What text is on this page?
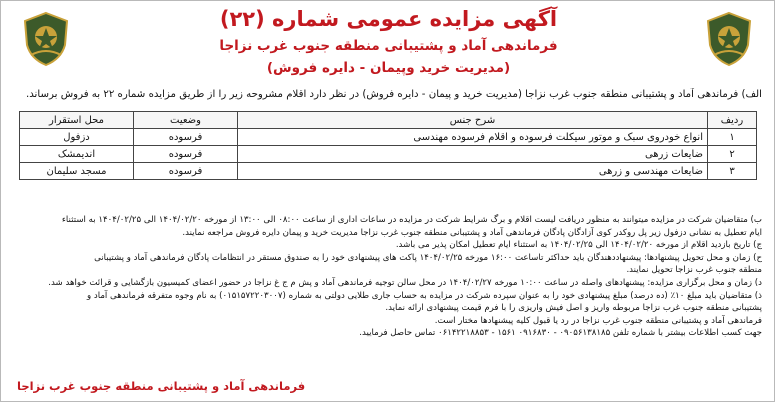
آگهی مزایده عمومی شماره (۲۲)
فرماندهی آماد و پشتیبانی منطقه جنوب غرب نزاجا
(مدیریت خرید وپیمان - دایره فروش)
الف) فرماندهی آماد و پشتیبانی منطقه جنوب غرب نزاجا (مدیریت خرید و پیمان - دایره فروش) در نظر دارد اقلام مشروحه زیر را از طریق مزایده شماره ۲۲ به فروش برساند.
ردیف	شرح جنس	وضعیت	محل استقرار
۱	انواع خودروی سبک و موتور سیکلت فرسوده و اقلام فرسوده مهندسی	فرسوده	دزفول
۲	ضایعات زرهی	فرسوده	اندیمشک
۳	ضایعات مهندسی و زرهی	فرسوده	مسجد سلیمان
ب) متقاضیان شرکت در مزایده میتوانند به منظور دریافت لیست اقلام و برگ شرایط شرکت در مزایده در ساعات اداری از ساعت ۰۸:۰۰ الی ۱۳:۰۰ از مورخه ۱۴۰۴/۰۲/۲۰ الی ۱۴۰۴/۰۲/۲۵ به استثناء
ایام تعطیل به نشانی دزفول زیر پل روکدر کوی آزادگان پادگان فرماندهی آماد و پشتیبانی منطقه جنوب غرب نزاجا مدیریت خرید و پیمان دایره فروش مراجعه نمایند.
ج) تاریخ بازدید اقلام از مورخه ۱۴۰۴/۰۲/۲۰ الی ۱۴۰۴/۰۲/۲۵ به استثناء ایام تعطیل امکان پذیر می باشد.
ح) زمان و محل تحویل پیشنهادها: پیشنهاددهندگان باید حداکثر تاساعت ۱۶:۰۰ مورخه ۱۴۰۴/۰۲/۲۵ پاکت های پیشنهادی خود را به صندوق مستقر در انتظامات پادگان فرماندهی آماد و پشتیبانی
منطقه جنوب غرب نزاجا تحویل نمایند.
د) زمان و محل برگزاری مزایده: پیشنهادهای واصله در ساعت ۱۰:۰۰ مورخه ۱۴۰۴/۰۲/۲۷ در محل سالن توجیه فرماندهی آماد و پش م ج غ نزاجا در حضور اعضای کمیسیون بازگشایی و قرائت خواهد شد.
ذ) متقاضیان باید مبلغ ۱۰٪ (ده درصد) مبلغ پیشنهادی خود را به عنوان سپرده شرکت در مزایده به حساب جاری طلایی دولتی به شماره (۰۱۵۱۵۷۲۲۰۳۰۰۷) به نام وجوه متفرقه فرماندهی آماد و
پشتیبانی منطقه جنوب غرب نزاجا مربوطه واریز و اصل فیش واریزی را با فرم قیمت پیشنهادی ارائه نماید.
فرماندهی آماد و پشتیبانی منطقه جنوب غرب نزاجا در رد یا قبول کلیه پیشنهادها مختار است.
جهت کسب اطلاعات بیشتر با شماره تلفن ۰۹۰۵۶۱۳۸۱۸۵ - ۰۹۱۶۸۳۰ ۱۵۶۱ - ۰۶۱۴۲۲۱۸۸۵۳ تماس حاصل فرمایید.
فرماندهی آماد و پشتیبانی منطقه جنوب غرب نزاجا
